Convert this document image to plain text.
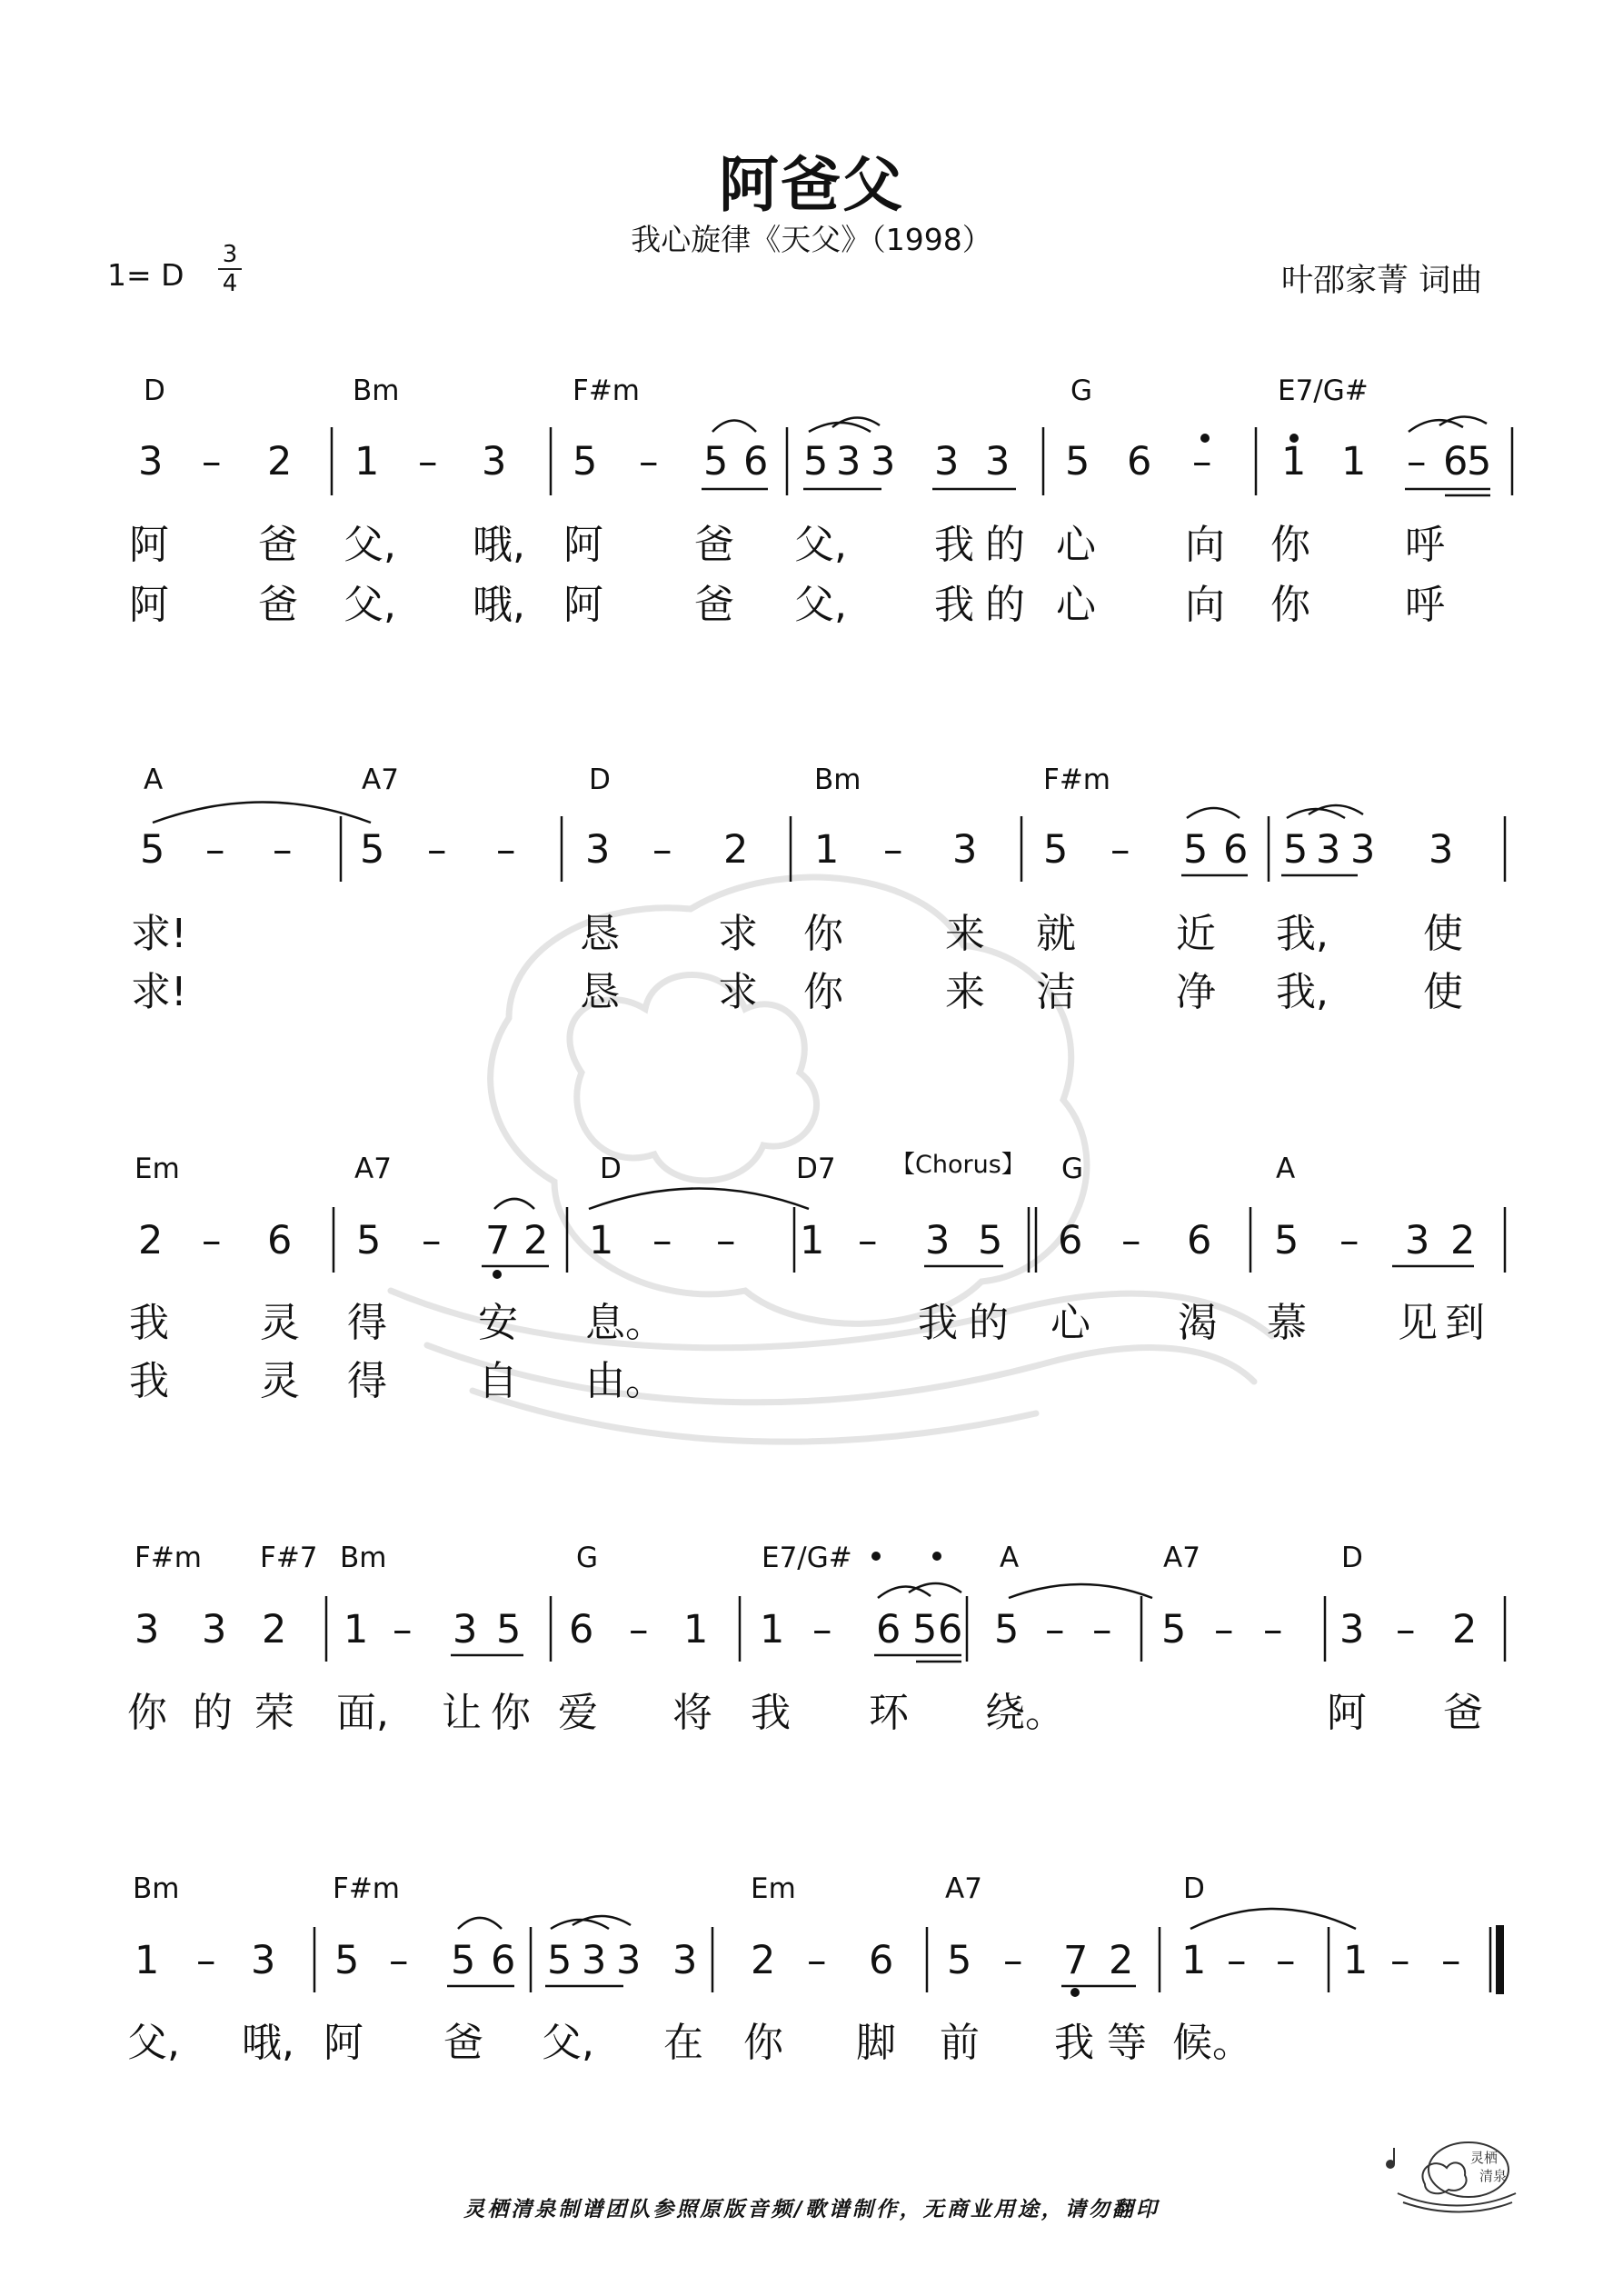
阿爸父
我心旋律《天父》（1998）
1= D
3
4	叶邵家菁 词曲
D	Bm	F#m	G	E7/G#
3 – 2 1 – 3 5 – 5 6 5 3 3 3 3 5 6 – 1 1 – 6
5
阿 爸 父, 哦, 阿 爸 父, 我 的 心 向 你 呼
阿 爸 父, 哦, 阿 爸 父, 我 的 心 向 你 呼
A	A7	D	Bm	F#m
5 – – 5 – – 3 – 2 1 – 3 5 – 5 6 5 3 3 3
求!	恳 求 你	来 就	近 我, 使
求!	恳 求 你	来 洁	净 我, 使
Em	A7	D	D7 【Chorus】 G	A
2 – 6 5 – 7 2 1 – – 1 – 3 5 6 – 6 5 – 3 2
我 灵 得 安 息。	我 的 心 渴 慕 见 到
我 灵 得 自 由。
F#m F#7 Bm	G	E7/G#	A	A7	D
3 3 2 1 – 3 5 6 – 1 1 – 6 5 6 5 – – 5 – – 3 – 2
你 的 荣 面, 让 你 爱 将 我 环 绕。	阿 爸
Bm	F#m	Em	A7	D
1 – 3 5 – 5 6 5 3 3 3 2 – 6 5 – 7 2 1 – – 1 – –
父, 哦, 阿 爸 父, 在 你 脚 前 我 等 候。
灵栖
清泉
灵栖清泉制谱团队参照原版音频/歌谱制作，无商业用途，请勿翻印
